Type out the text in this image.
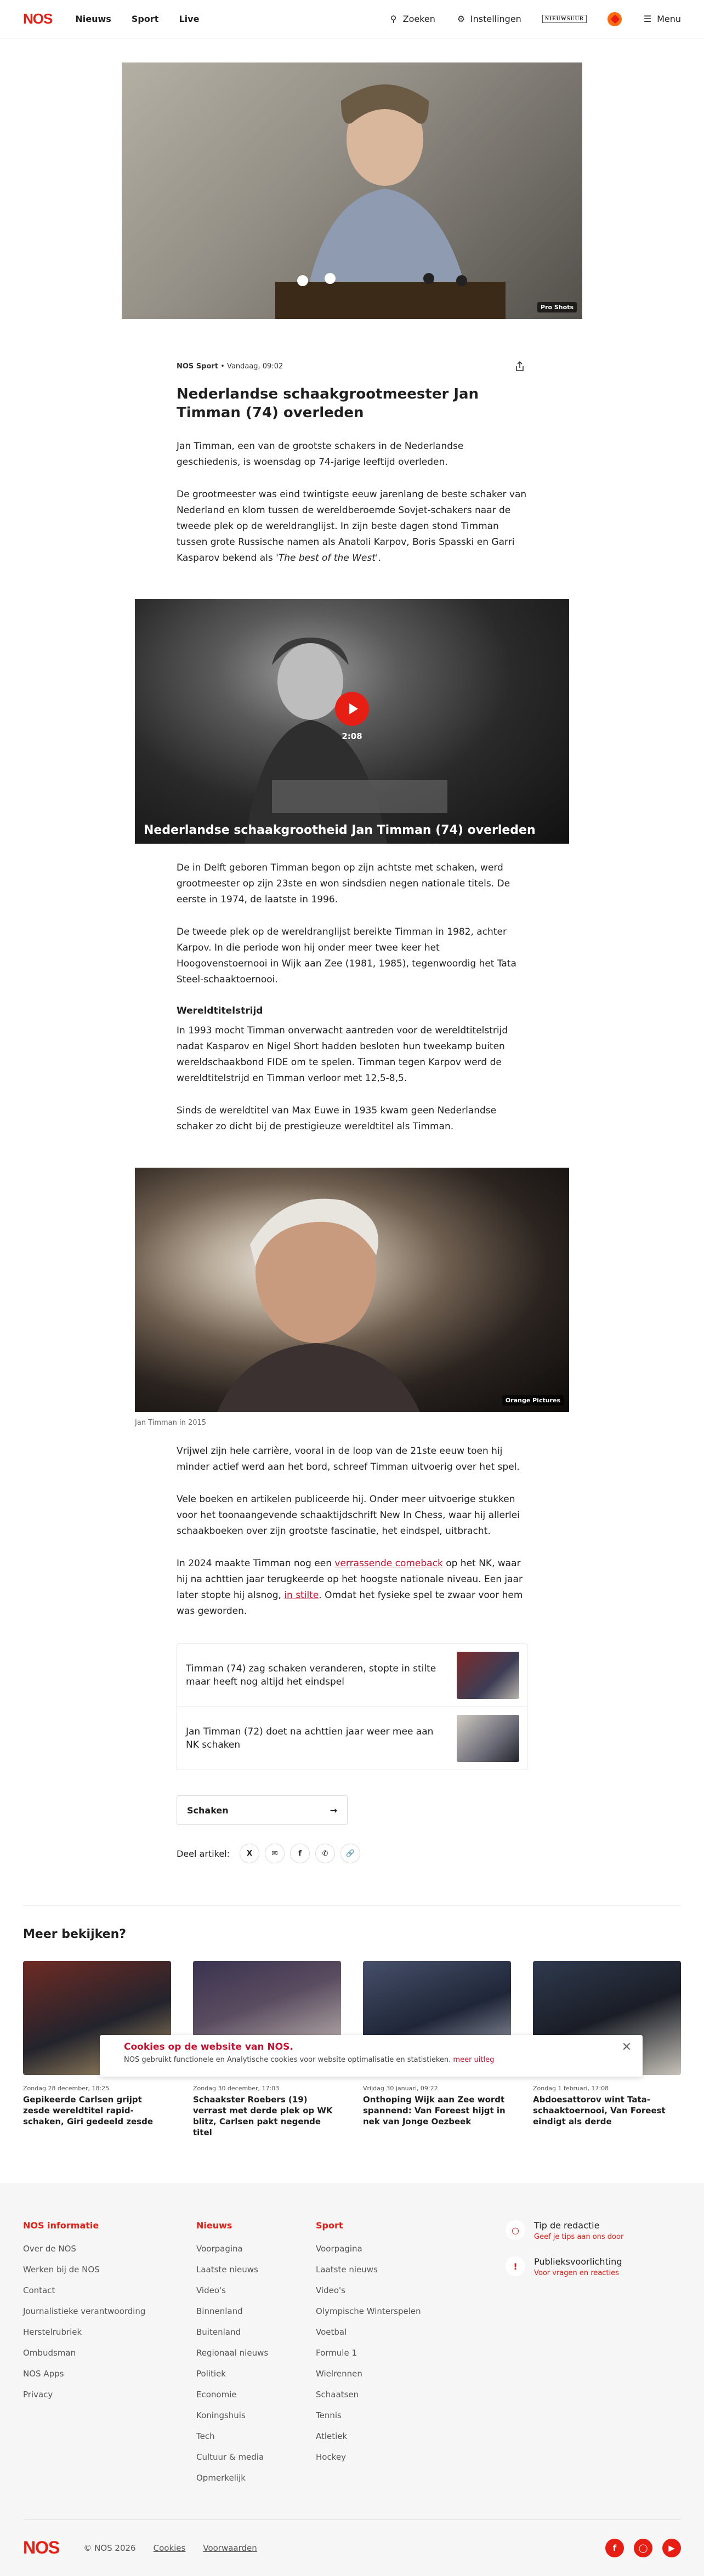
NOS	Nieuws Sport Live	⚲ Zoeken ⚙ Instellingen	NIEUWSUUR	☰ Menu
Pro Shots
NOS Sport • Vandaag, 09:02
Nederlandse schaakgrootmeester Jan Timman (74) overleden

Jan Timman, een van de grootste schakers in de Nederlandse geschiedenis, is woensdag op 74-jarige leeftijd overleden.

De grootmeester was eind twintigste eeuw jarenlang de beste schaker van Nederland en klom tussen de wereldberoemde Sovjet-schakers naar de tweede plek op de wereldranglijst. In zijn beste dagen stond Timman tussen grote Russische namen als Anatoli Karpov, Boris Spasski en Garri Kasparov bekend als 'The best of the West'.

2:08
Nederlandse schaakgrootheid Jan Timman (74) overleden

De in Delft geboren Timman begon op zijn achtste met schaken, werd grootmeester op zijn 23ste en won sindsdien negen nationale titels. De eerste in 1974, de laatste in 1996.

De tweede plek op de wereldranglijst bereikte Timman in 1982, achter Karpov. In die periode won hij onder meer twee keer het Hoogovenstoernooi in Wijk aan Zee (1981, 1985), tegenwoordig het Tata Steel-schaaktoernooi.

Wereldtitelstrijd

In 1993 mocht Timman onverwacht aantreden voor de wereldtitelstrijd nadat Kasparov en Nigel Short hadden besloten hun tweekamp buiten wereldschaakbond FIDE om te spelen. Timman tegen Karpov werd de wereldtitelstrijd en Timman verloor met 12,5-8,5.

Sinds de wereldtitel van Max Euwe in 1935 kwam geen Nederlandse schaker zo dicht bij de prestigieuze wereldtitel als Timman.

Orange Pictures
Jan Timman in 2015

Vrijwel zijn hele carrière, vooral in de loop van de 21ste eeuw toen hij minder actief werd aan het bord, schreef Timman uitvoerig over het spel.

Vele boeken en artikelen publiceerde hij. Onder meer uitvoerige stukken voor het toonaangevende schaaktijdschrift New In Chess, waar hij allerlei schaakboeken over zijn grootste fascinatie, het eindspel, uitbracht.

In 2024 maakte Timman nog een verrassende comeback op het NK, waar hij na achttien jaar terugkeerde op het hoogste nationale niveau. Een jaar later stopte hij alsnog, in stilte. Omdat het fysieke spel te zwaar voor hem was geworden.

Timman (74) zag schaken veranderen, stopte in stilte maar heeft nog altijd het eindspel
Jan Timman (72) doet na achttien jaar weer mee aan NK schaken
Schaken	→
Deel artikel:	X	✉	f	✆	🔗
Meer bekijken?
Zondag 28 december, 18:25
Gepikeerde Carlsen grijpt zesde wereldtitel rapid-schaken, Giri gedeeld zesde
Zondag 30 december, 17:03
Schaakster Roebers (19) verrast met derde plek op WK blitz, Carlsen pakt negende titel
Vrijdag 30 januari, 09:22
Onthoping Wijk aan Zee wordt spannend: Van Foreest hijgt in nek van Jonge Oezbeek
Zondag 1 februari, 17:08
Abdoesattorov wint Tata-schaaktoernooi, Van Foreest eindigt als derde
Cookies op de website van NOS.
NOS gebruikt functionele en Analytische cookies voor website optimalisatie en statistieken. meer uitleg
✕
NOS informatie
Over de NOS
Werken bij de NOS
Contact
Journalistieke verantwoording
Herstelrubriek
Ombudsman
NOS Apps
Privacy
Nieuws
Voorpagina
Laatste nieuws
Video's
Binnenland
Buitenland
Regionaal nieuws
Politiek
Economie
Koningshuis
Tech
Cultuur & media
Opmerkelijk
Sport
Voorpagina
Laatste nieuws
Video's
Olympische Winterspelen
Voetbal
Formule 1
Wielrennen
Schaatsen
Tennis
Atletiek
Hockey
○	Tip de redactie
Geef je tips aan ons door
!	Publieksvoorlichting
Voor vragen en reacties
NOS	© NOS 2026 Cookies Voorwaarden	f	◯	▶
